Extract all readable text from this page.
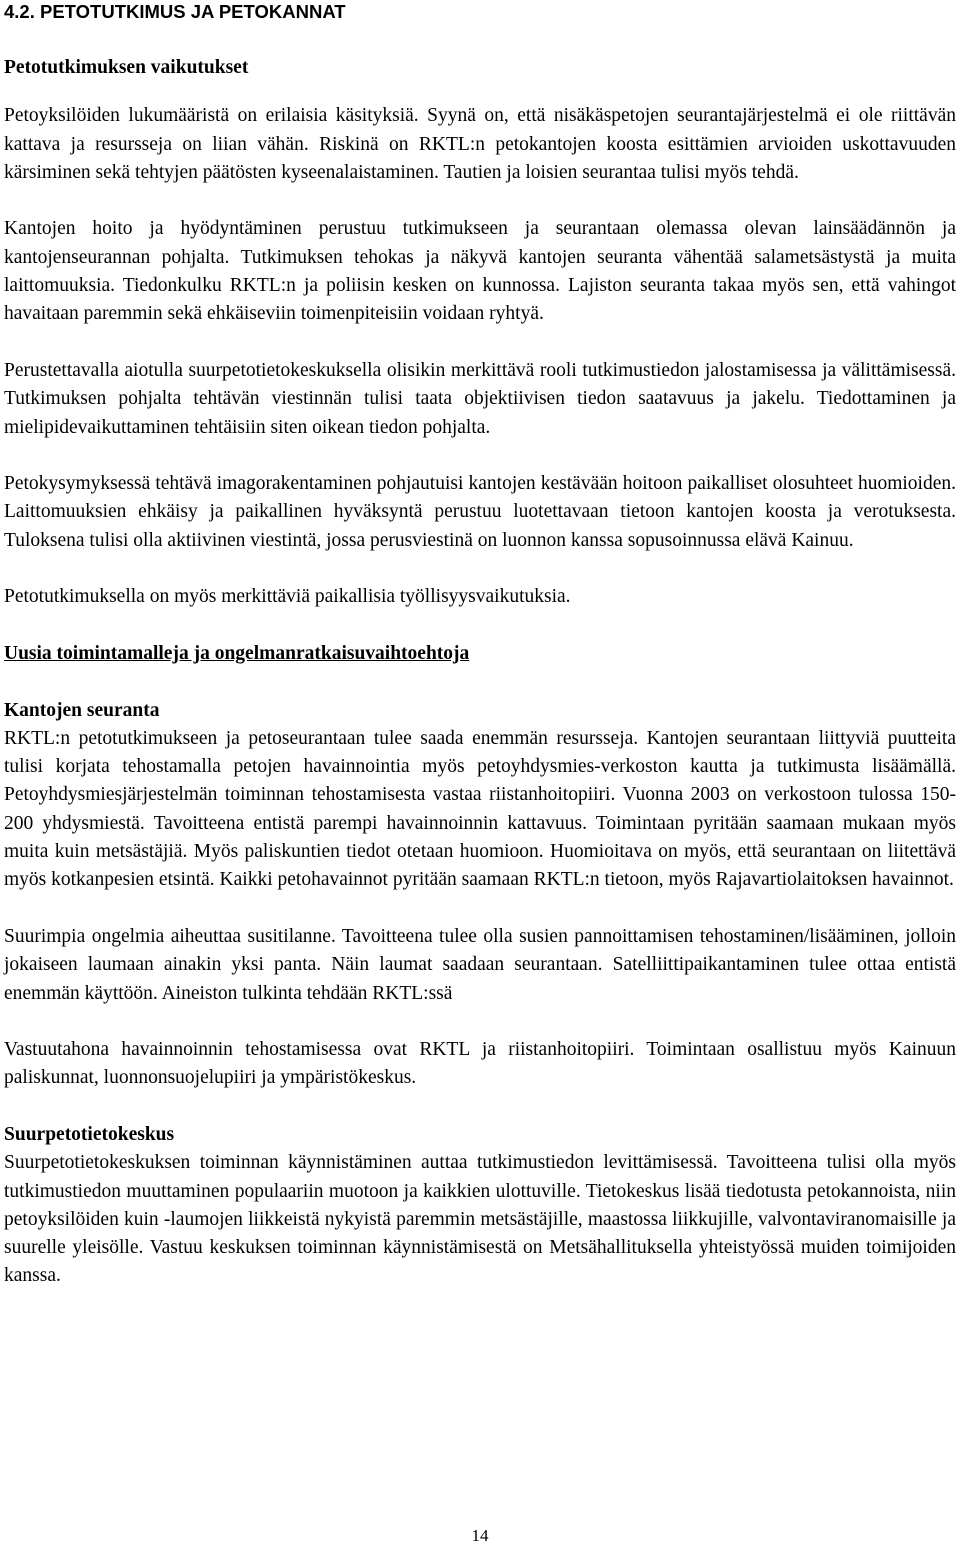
4.2. PETOTUTKIMUS JA PETOKANNAT
Petotutkimuksen vaikutukset

Petoyksilöiden lukumääristä on erilaisia käsityksiä. Syynä on, että nisäkäspetojen seurantajärjestelmä ei ole riittävän kattava ja resursseja on liian vähän. Riskinä on RKTL:n petokantojen koosta esittämien arvioiden uskottavuuden kärsiminen sekä tehtyjen päätösten kyseenalaistaminen. Tautien ja loisien seurantaa tulisi myös tehdä.

Kantojen hoito ja hyödyntäminen perustuu tutkimukseen ja seurantaan olemassa olevan lainsäädännön ja kantojenseurannan pohjalta. Tutkimuksen tehokas ja näkyvä kantojen seuranta vähentää salametsästystä ja muita laittomuuksia. Tiedonkulku RKTL:n ja poliisin kesken on kunnossa. Lajiston seuranta takaa myös sen, että vahingot havaitaan paremmin sekä ehkäiseviin toimenpiteisiin voidaan ryhtyä.

Perustettavalla aiotulla suurpetotietokeskuksella olisikin merkittävä rooli tutkimustiedon jalostamisessa ja välittämisessä. Tutkimuksen pohjalta tehtävän viestinnän tulisi taata objektiivisen tiedon saatavuus ja jakelu. Tiedottaminen ja mielipidevaikuttaminen tehtäisiin siten oikean tiedon pohjalta.

Petokysymyksessä tehtävä imagorakentaminen pohjautuisi kantojen kestävään hoitoon paikalliset olosuhteet huomioiden. Laittomuuksien ehkäisy ja paikallinen hyväksyntä perustuu luotettavaan tietoon kantojen koosta ja verotuksesta. Tuloksena tulisi olla aktiivinen viestintä, jossa perusviestinä on luonnon kanssa sopusoinnussa elävä Kainuu.

Petotutkimuksella on myös merkittäviä paikallisia työllisyysvaikutuksia.

Uusia toimintamalleja ja ongelmanratkaisuvaihtoehtoja
Kantojen seuranta

RKTL:n petotutkimukseen ja petoseurantaan tulee saada enemmän resursseja. Kantojen seurantaan liittyviä puutteita tulisi korjata tehostamalla petojen havainnointia myös petoyhdysmies-verkoston kautta ja tutkimusta lisäämällä. Petoyhdysmiesjärjestelmän toiminnan tehostamisesta vastaa riistanhoitopiiri. Vuonna 2003 on verkostoon tulossa 150-200 yhdysmiestä. Tavoitteena entistä parempi havainnoinnin kattavuus. Toimintaan pyritään saamaan mukaan myös muita kuin metsästäjiä. Myös paliskuntien tiedot otetaan huomioon. Huomioitava on myös, että seurantaan on liitettävä myös kotkanpesien etsintä. Kaikki petohavainnot pyritään saamaan RKTL:n tietoon, myös Rajavartiolaitoksen havainnot.

Suurimpia ongelmia aiheuttaa susitilanne. Tavoitteena tulee olla susien pannoittamisen tehostaminen/lisääminen, jolloin jokaiseen laumaan ainakin yksi panta. Näin laumat saadaan seurantaan. Satelliittipaikantaminen tulee ottaa entistä enemmän käyttöön. Aineiston tulkinta tehdään RKTL:ssä

Vastuutahona havainnoinnin tehostamisessa ovat RKTL ja riistanhoitopiiri. Toimintaan osallistuu myös Kainuun paliskunnat, luonnonsuojelupiiri ja ympäristökeskus.

Suurpetotietokeskus

Suurpetotietokeskuksen toiminnan käynnistäminen auttaa tutkimustiedon levittämisessä. Tavoitteena tulisi olla myös tutkimustiedon muuttaminen populaariin muotoon ja kaikkien ulottuville. Tietokeskus lisää tiedotusta petokannoista, niin petoyksilöiden kuin -laumojen liikkeistä nykyistä paremmin metsästäjille, maastossa liikkujille, valvontaviranomaisille ja suurelle yleisölle. Vastuu keskuksen toiminnan käynnistämisestä on Metsähallituksella yhteistyössä muiden toimijoiden kanssa.

14
